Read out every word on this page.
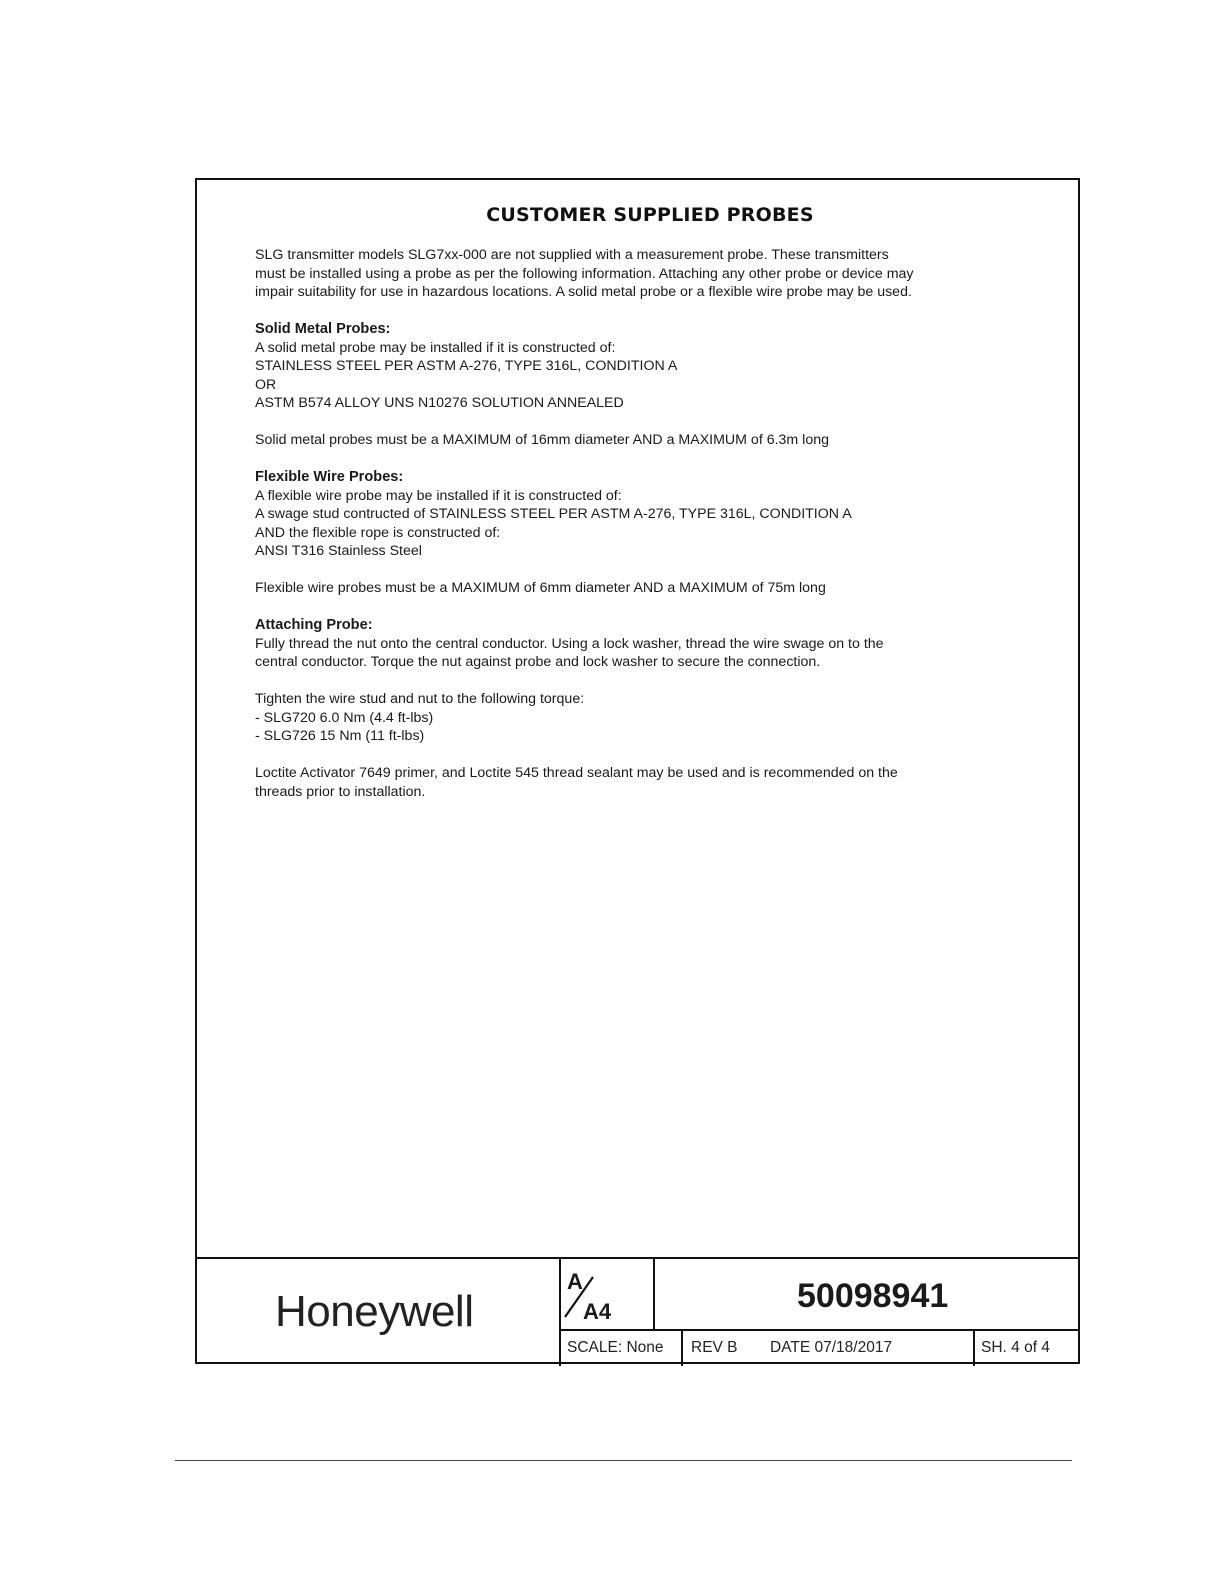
CUSTOMER SUPPLIED PROBES

SLG transmitter models SLG7xx-000 are not supplied with a measurement probe. These transmitters

must be installed using a probe as per the following information. Attaching any other probe or device may

impair suitability for use in hazardous locations. A solid metal probe or a flexible wire probe may be used.

Solid Metal Probes:

A solid metal probe may be installed if it is constructed of:

STAINLESS STEEL PER ASTM A-276, TYPE 316L, CONDITION A

OR

ASTM B574 ALLOY UNS N10276 SOLUTION ANNEALED

Solid metal probes must be a MAXIMUM of 16mm diameter AND a MAXIMUM of 6.3m long

Flexible Wire Probes:

A flexible wire probe may be installed if it is constructed of:

A swage stud contructed of STAINLESS STEEL PER ASTM A-276, TYPE 316L, CONDITION A

AND the flexible rope is constructed of:

ANSI T316 Stainless Steel

Flexible wire probes must be a MAXIMUM of 6mm diameter AND a MAXIMUM of 75m long

Attaching Probe:

Fully thread the nut onto the central conductor. Using a lock washer, thread the wire swage on to the

central conductor. Torque the nut against probe and lock washer to secure the connection.

Tighten the wire stud and nut to the following torque:

- SLG720 6.0 Nm (4.4 ft-lbs)

- SLG726 15 Nm (11 ft-lbs)

Loctite Activator 7649 primer, and Loctite 545 thread sealant may be used and is recommended on the

threads prior to installation.

Honeywell
A
A4	50098941
SCALE: None REV B DATE 07/18/2017	SH. 4 of 4
